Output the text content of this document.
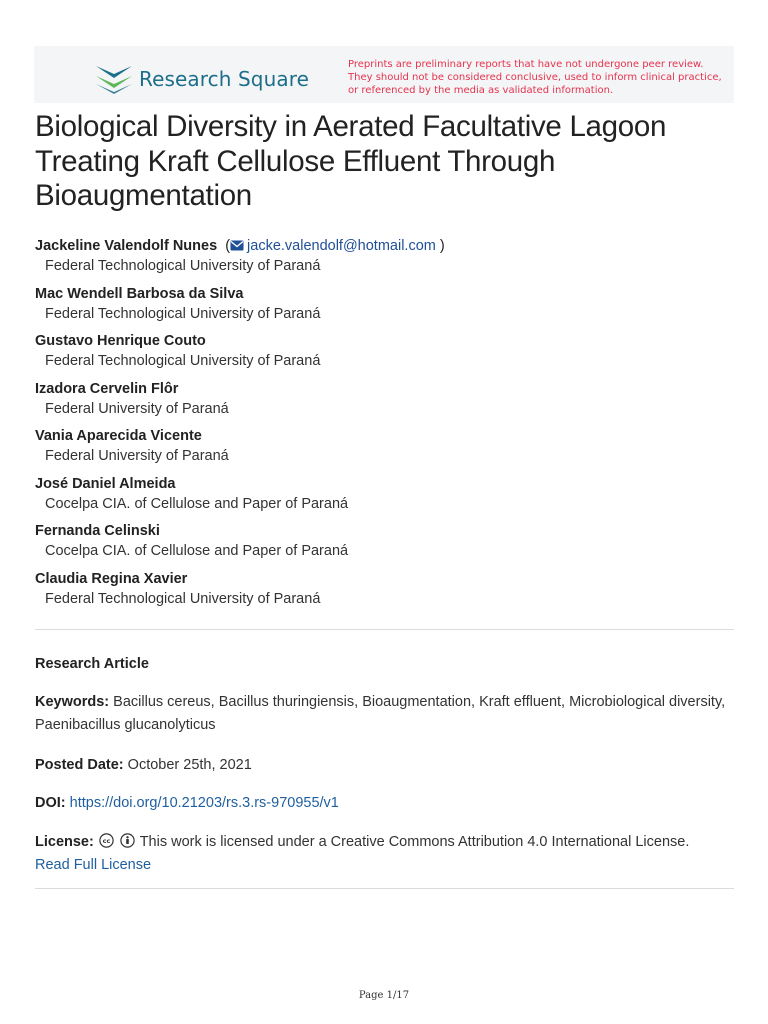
Research Square
Preprints are preliminary reports that have not undergone peer review.
They should not be considered conclusive, used to inform clinical practice,
or referenced by the media as validated information.
Biological Diversity in Aerated Facultative Lagoon
Treating Kraft Cellulose Effluent Through
Bioaugmentation
Jackeline Valendolf Nunes  ( jacke.valendolf@hotmail.com )
Federal Technological University of Paraná
Mac Wendell Barbosa da Silva
Federal Technological University of Paraná
Gustavo Henrique Couto
Federal Technological University of Paraná
Izadora Cervelin Flôr
Federal University of Paraná
Vania Aparecida Vicente
Federal University of Paraná
José Daniel Almeida
Cocelpa CIA. of Cellulose and Paper of Paraná
Fernanda Celinski
Cocelpa CIA. of Cellulose and Paper of Paraná
Claudia Regina Xavier
Federal Technological University of Paraná
Research Article
Keywords: Bacillus cereus, Bacillus thuringiensis, Bioaugmentation, Kraft effluent, Microbiological diversity, Paenibacillus glucanolyticus
Posted Date: October 25th, 2021
DOI: https://doi.org/10.21203/rs.3.rs-970955/v1
License: cc This work is licensed under a Creative Commons Attribution 4.0 International License.
Read Full License
Page 1/17
